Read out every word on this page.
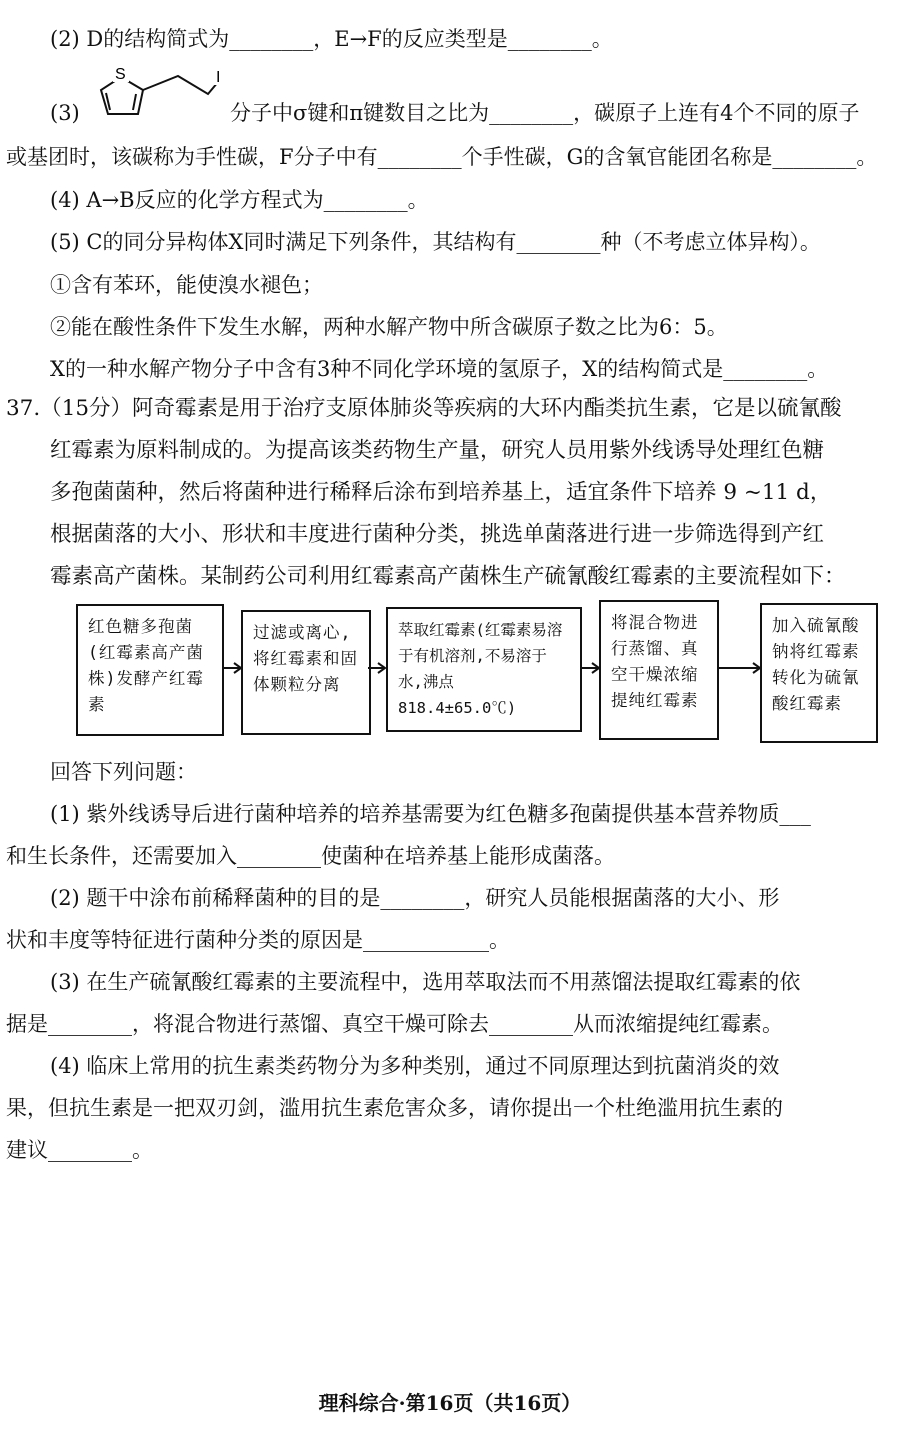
(2) D的结构简式为________，E→F的反应类型是________。
S	I
(3)	分子中σ键和π键数目之比为________，碳原子上连有4个不同的原子
或基团时，该碳称为手性碳，F分子中有________个手性碳，G的含氧官能团名称是________。
(4) A→B反应的化学方程式为________。
(5) C的同分异构体X同时满足下列条件，其结构有________种（不考虑立体异构）。
①含有苯环，能使溴水褪色；
②能在酸性条件下发生水解，两种水解产物中所含碳原子数之比为6：5。
X的一种水解产物分子中含有3种不同化学环境的氢原子，X的结构简式是________。
37.（15分）阿奇霉素是用于治疗支原体肺炎等疾病的大环内酯类抗生素，它是以硫氰酸
红霉素为原料制成的。为提高该类药物生产量，研究人员用紫外线诱导处理红色糖
多孢菌菌种，然后将菌种进行稀释后涂布到培养基上，适宜条件下培养 9 ~11 d，
根据菌落的大小、形状和丰度进行菌种分类，挑选单菌落进行进一步筛选得到产红
霉素高产菌株。某制药公司利用红霉素高产菌株生产硫氰酸红霉素的主要流程如下：
红色糖多孢菌(红霉素高产菌株)发酵产红霉素
过滤或离心,将红霉素和固体颗粒分离
萃取红霉素(红霉素易溶于有机溶剂,不易溶于水,沸点818.4±65.0℃)
将混合物进行蒸馏、真空干燥浓缩提纯红霉素
加入硫氰酸钠将红霉素转化为硫氰酸红霉素
回答下列问题：
(1) 紫外线诱导后进行菌种培养的培养基需要为红色糖多孢菌提供基本营养物质___
和生长条件，还需要加入________使菌种在培养基上能形成菌落。
(2) 题干中涂布前稀释菌种的目的是________，研究人员能根据菌落的大小、形
状和丰度等特征进行菌种分类的原因是____________。
(3) 在生产硫氰酸红霉素的主要流程中，选用萃取法而不用蒸馏法提取红霉素的依
据是________，将混合物进行蒸馏、真空干燥可除去________从而浓缩提纯红霉素。
(4) 临床上常用的抗生素类药物分为多种类别，通过不同原理达到抗菌消炎的效
果，但抗生素是一把双刃剑，滥用抗生素危害众多，请你提出一个杜绝滥用抗生素的
建议________。
理科综合·第16页（共16页）
